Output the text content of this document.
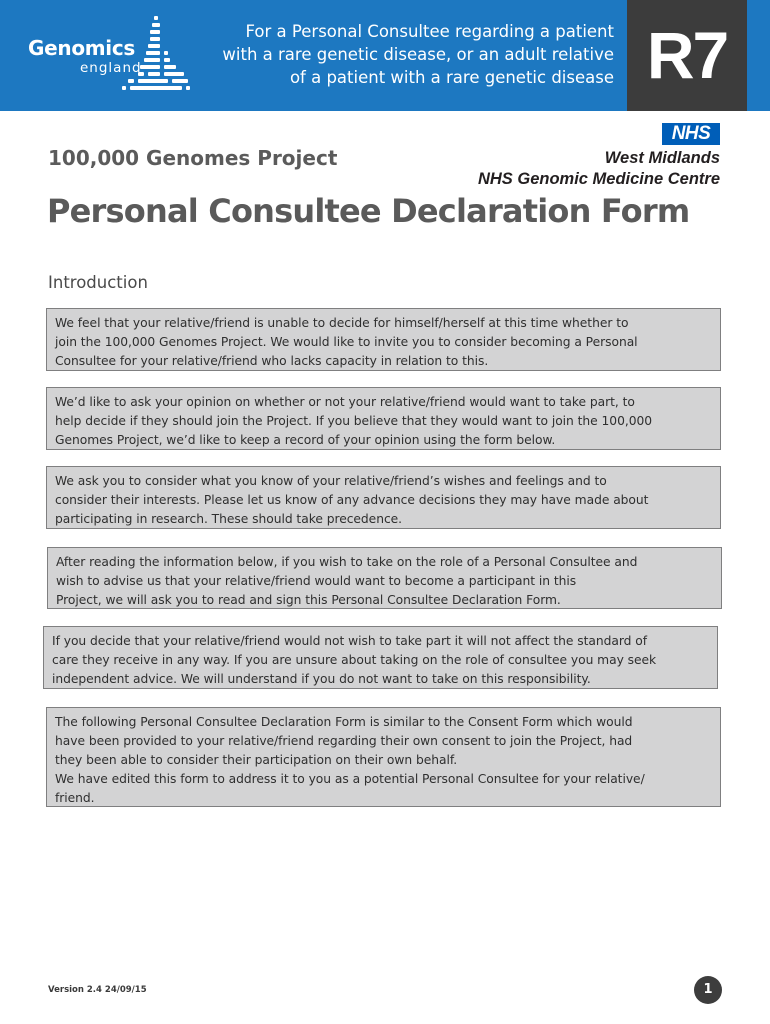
Genomics
england
For a Personal Consultee regarding a patient
with a rare genetic disease, or an adult relative
of a patient with a rare genetic disease R7
NHS
West Midlands
NHS Genomic Medicine Centre
100,000 Genomes Project
Personal Consultee Declaration Form
Introduction

We feel that your relative/friend is unable to decide for himself/herself at this time whether to

join the 100,000 Genomes Project. We would like to invite you to consider becoming a Personal

Consultee for your relative/friend who lacks capacity in relation to this.

We’d like to ask your opinion on whether or not your relative/friend would want to take part, to

help decide if they should join the Project. If you believe that they would want to join the 100,000

Genomes Project, we’d like to keep a record of your opinion using the form below.

We ask you to consider what you know of your relative/friend’s wishes and feelings and to

consider their interests. Please let us know of any advance decisions they may have made about

participating in research. These should take precedence.

After reading the information below, if you wish to take on the role of a Personal Consultee and

wish to advise us that your relative/friend would want to become a participant in this

Project, we will ask you to read and sign this Personal Consultee Declaration Form.

If you decide that your relative/friend would not wish to take part it will not affect the standard of

care they receive in any way. If you are unsure about taking on the role of consultee you may seek

independent advice. We will understand if you do not want to take on this responsibility.

The following Personal Consultee Declaration Form is similar to the Consent Form which would

have been provided to your relative/friend regarding their own consent to join the Project, had

they been able to consider their participation on their own behalf.

We have edited this form to address it to you as a potential Personal Consultee for your relative/

friend.

Version 2.4 24/09/15	1
